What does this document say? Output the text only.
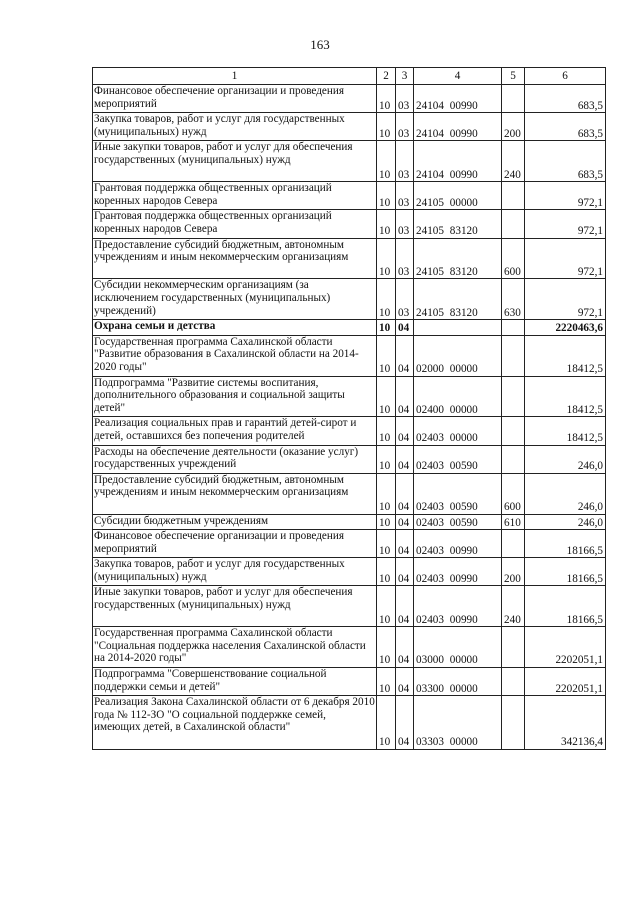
163
1	2	3	4	5	6
Финансовое обеспечение организации и проведения мероприятий	10	03	24104 00990		683,5
Закупка товаров, работ и услуг для государственных (муниципальных) нужд	10	03	24104 00990	200	683,5
Иные закупки товаров, работ и услуг для обеспечения государственных (муниципальных) нужд	10	03	24104 00990	240	683,5
Грантовая поддержка общественных организаций коренных народов Севера	10	03	24105 00000		972,1
Грантовая поддержка общественных организаций коренных народов Севера	10	03	24105 83120		972,1
Предоставление субсидий бюджетным, автономным учреждениям и иным некоммерческим организациям	10	03	24105 83120	600	972,1
Субсидии некоммерческим организациям (за исключением государственных (муниципальных) учреждений)	10	03	24105 83120	630	972,1
Охрана семьи и детства	10	04			2220463,6
Государственная программа Сахалинской области "Развитие образования в Сахалинской области на 2014-2020 годы"	10	04	02000 00000		18412,5
Подпрограмма "Развитие системы воспитания, дополнительного образования и социальной защиты детей"	10	04	02400 00000		18412,5
Реализация социальных прав и гарантий детей-сирот и детей, оставшихся без попечения родителей	10	04	02403 00000		18412,5
Расходы на обеспечение деятельности (оказание услуг) государственных учреждений	10	04	02403 00590		246,0
Предоставление субсидий бюджетным, автономным учреждениям и иным некоммерческим организациям	10	04	02403 00590	600	246,0
Субсидии бюджетным учреждениям	10	04	02403 00590	610	246,0
Финансовое обеспечение организации и проведения мероприятий	10	04	02403 00990		18166,5
Закупка товаров, работ и услуг для государственных (муниципальных) нужд	10	04	02403 00990	200	18166,5
Иные закупки товаров, работ и услуг для обеспечения государственных (муниципальных) нужд	10	04	02403 00990	240	18166,5
Государственная программа Сахалинской области "Социальная поддержка населения Сахалинской области на 2014-2020 годы"	10	04	03000 00000		2202051,1
Подпрограмма "Совершенствование социальной поддержки семьи и детей"	10	04	03300 00000		2202051,1
Реализация Закона Сахалинской области от 6 декабря 2010 года № 112-ЗО "О социальной поддержке семей, имеющих детей, в Сахалинской области"	10	04	03303 00000		342136,4
